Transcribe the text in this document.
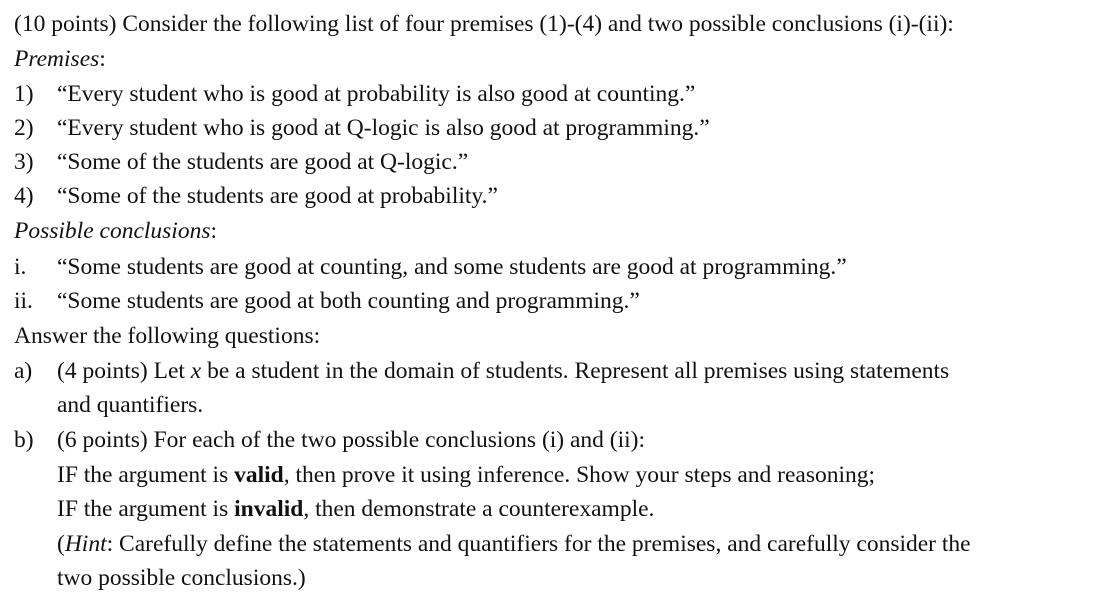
(10 points) Consider the following list of four premises (1)-(4) and two possible conclusions (i)-(ii):
Premises:
1) “Every student who is good at probability is also good at counting.”
2) “Every student who is good at Q-logic is also good at programming.”
3) “Some of the students are good at Q-logic.”
4) “Some of the students are good at probability.”
Possible conclusions:
i. “Some students are good at counting, and some students are good at programming.”
ii. “Some students are good at both counting and programming.”
Answer the following questions:
a) (4 points) Let x be a student in the domain of students. Represent all premises using statements
and quantifiers.
b) (6 points) For each of the two possible conclusions (i) and (ii):
IF the argument is valid, then prove it using inference. Show your steps and reasoning;
IF the argument is invalid, then demonstrate a counterexample.
(Hint: Carefully define the statements and quantifiers for the premises, and carefully consider the
two possible conclusions.)
